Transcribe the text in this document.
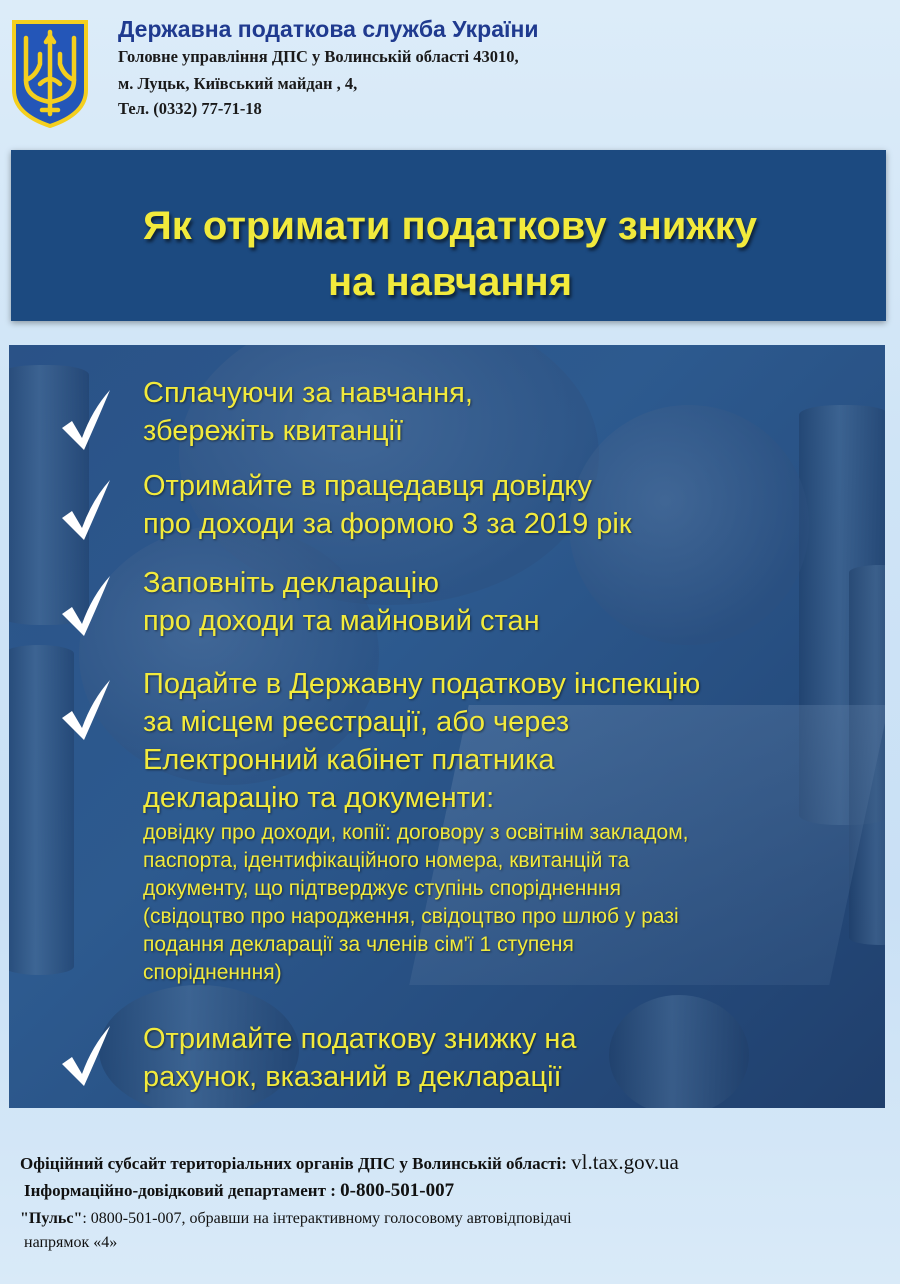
Державна податкова служба України

Головне управління ДПС у Волинській області 43010,

м. Луцьк, Київський майдан , 4,

Тел. (0332) 77-71-18

Як отримати податкову знижку
на навчання
Сплачуючи за навчання,
збережіть квитанції
Отримайте в працедавця довідку
про доходи за формою 3 за 2019 рік
Заповніть декларацію
про доходи та майновий стан
Подайте в Державну податкову інспекцію
за місцем реєстрації, або через
Електронний кабінет платника
декларацію та документи:
довідку про доходи, копії: договору з освітнім закладом,
паспорта, ідентифікаційного номера, квитанцій та
документу, що підтверджує ступінь спорідненння
(свідоцтво про народження, свідоцтво про шлюб у разі
подання декларації за членів сім'ї 1 ступеня
спорідненння)
Отримайте податкову знижку на
рахунок, вказаний в декларації

Офіційний субсайт територіальних органів ДПС у Волинській області: vl.tax.gov.ua

Інформаційно-довідковий департамент : 0-800-501-007

"Пульс": 0800-501-007, обравши на інтерактивному голосовому автовідповідачі

напрямок «4»
